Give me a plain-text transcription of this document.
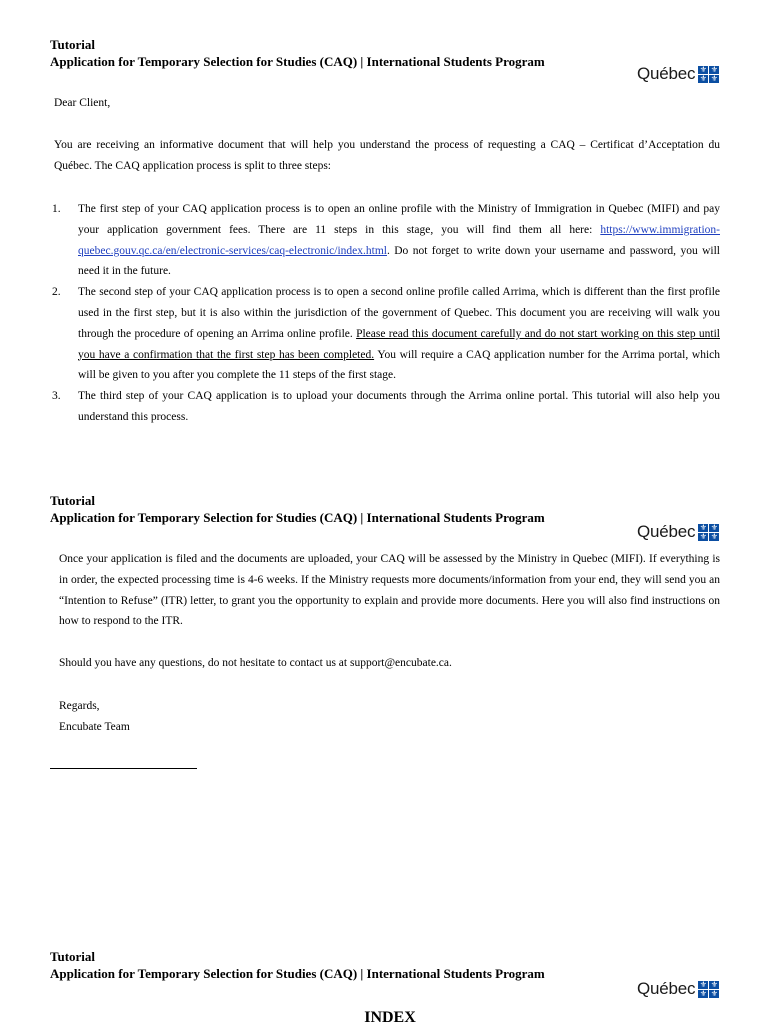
Tutorial
Application for Temporary Selection for Studies (CAQ) | International Students Program
Québec ⚜ ⚜
⚜ ⚜
Dear Client,
You are receiving an informative document that will help you understand the process of requesting a CAQ – Certificat d’Acceptation du Québec. The CAQ application process is split to three steps:
1.	The first step of your CAQ application process is to open an online profile with the Ministry of Immigration in Quebec (MIFI) and pay your application government fees. There are 11 steps in this stage, you will find them all here: https://www.immigration-quebec.gouv.qc.ca/en/electronic-services/caq-electronic/index.html. Do not forget to write down your username and password, you will need it in the future.
2.	The second step of your CAQ application process is to open a second online profile called Arrima, which is different than the first profile used in the first step, but it is also within the jurisdiction of the government of Quebec. This document you are receiving will walk you through the procedure of opening an Arrima online profile. Please read this document carefully and do not start working on this step until you have a confirmation that the first step has been completed. You will require a CAQ application number for the Arrima portal, which will be given to you after you complete the 11 steps of the first stage.
3.	The third step of your CAQ application is to upload your documents through the Arrima online portal. This tutorial will also help you understand this process.
Tutorial
Application for Temporary Selection for Studies (CAQ) | International Students Program
Québec ⚜ ⚜
⚜ ⚜
Once your application is filed and the documents are uploaded, your CAQ will be assessed by the Ministry in Quebec (MIFI). If everything is in order, the expected processing time is 4-6 weeks. If the Ministry requests more documents/information from your end, they will send you an “Intention to Refuse” (ITR) letter, to grant you the opportunity to explain and provide more documents. Here you will also find instructions on how to respond to the ITR.
Should you have any questions, do not hesitate to contact us at support@encubate.ca.
Regards,
Encubate Team
Tutorial
Application for Temporary Selection for Studies (CAQ) | International Students Program
Québec ⚜ ⚜
⚜ ⚜
INDEX
